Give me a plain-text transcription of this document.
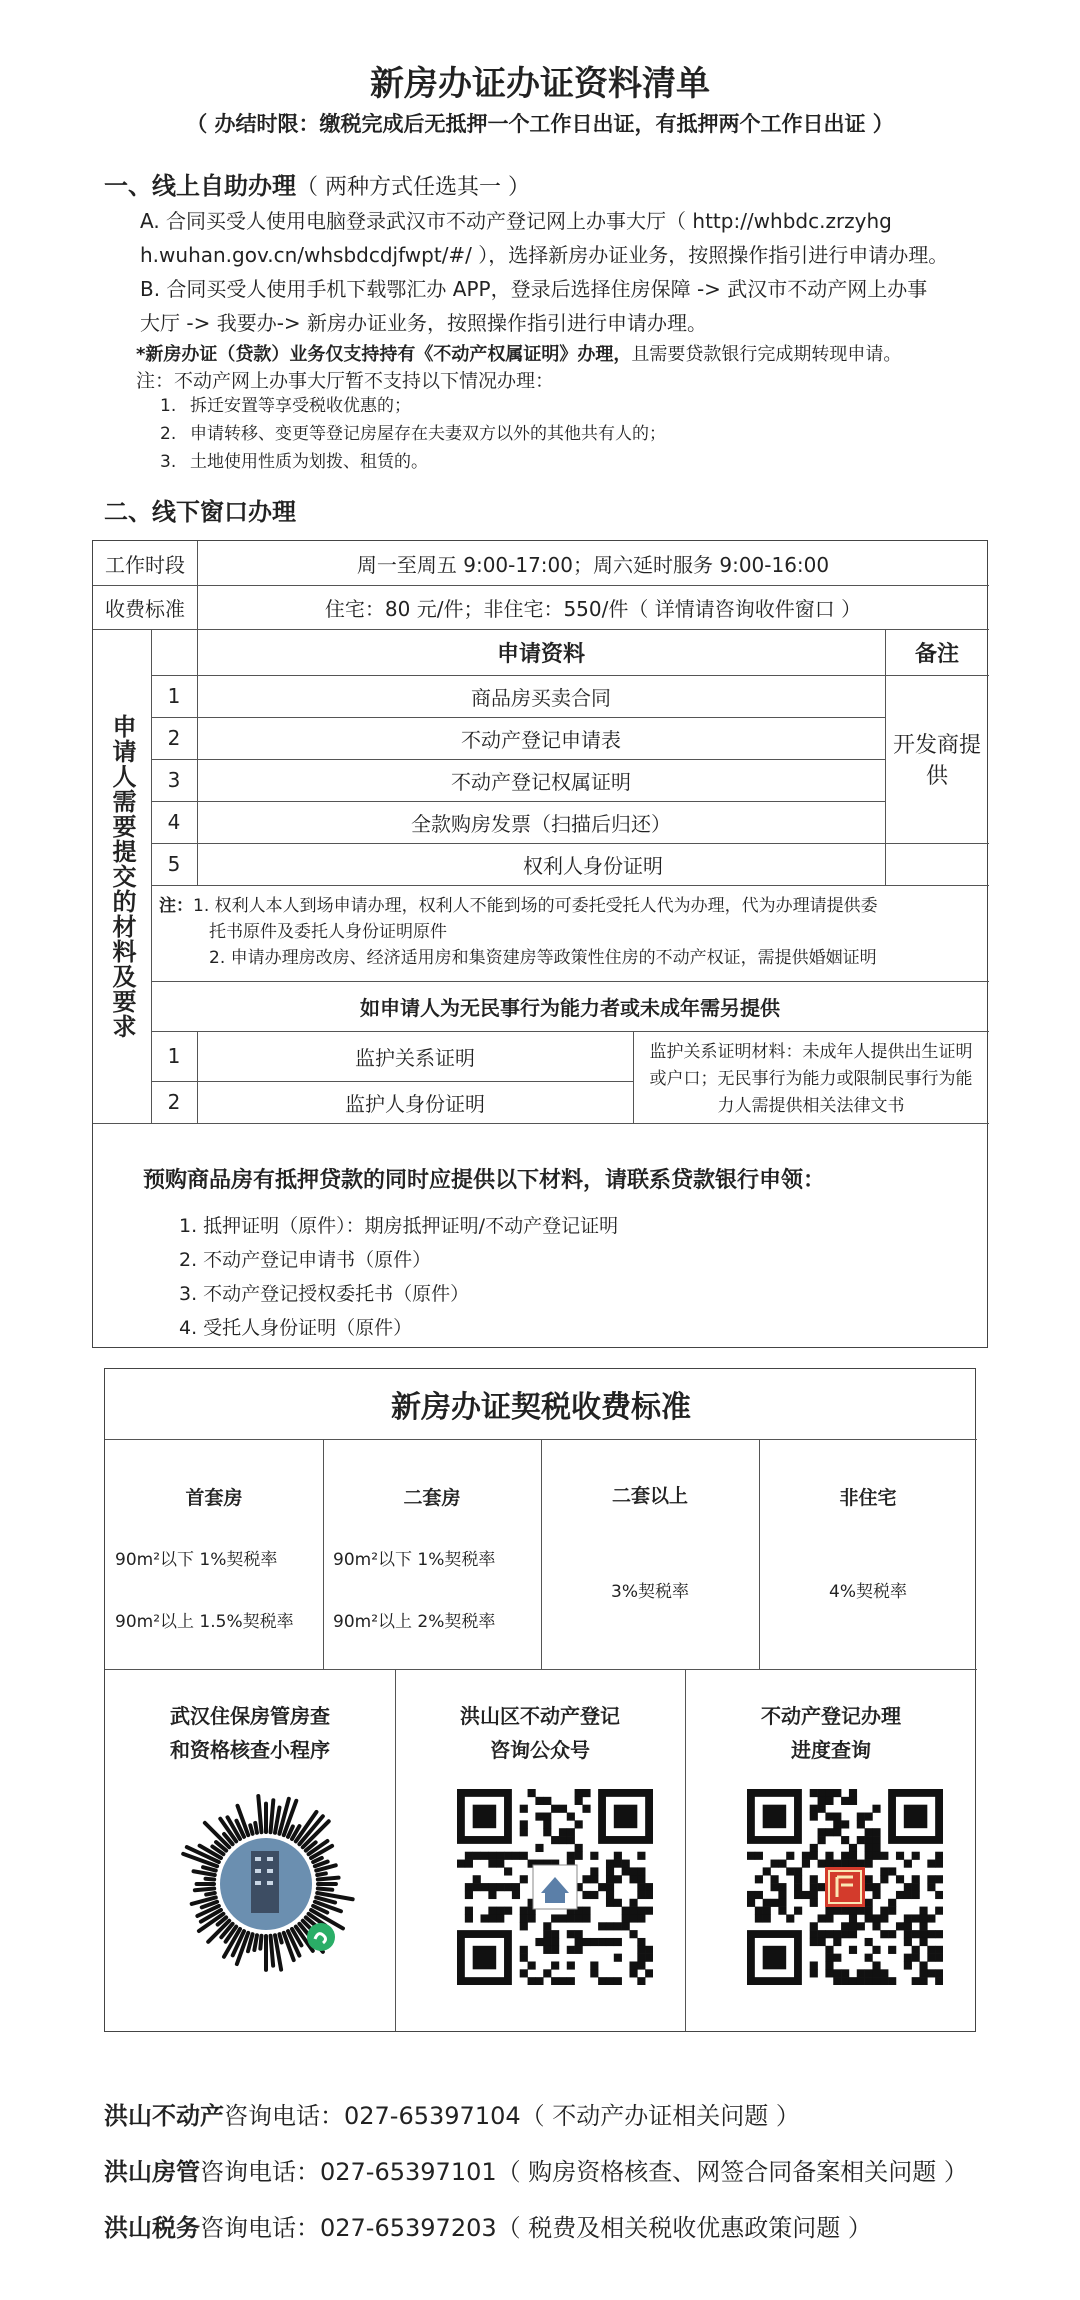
新房办证办证资料清单
（ 办结时限：缴税完成后无抵押一个工作日出证，有抵押两个工作日出证 ）
一、线上自助办理（ 两种方式任选其一 ）
A. 合同买受人使用电脑登录武汉市不动产登记网上办事大厅（ http://whbdc.zrzyhg
h.wuhan.gov.cn/whsbdcdjfwpt/#/ ），选择新房办证业务，按照操作指引进行申请办理。
B. 合同买受人使用手机下载鄂汇办 APP，登录后选择住房保障 -> 武汉市不动产网上办事
大厅 -> 我要办-> 新房办证业务，按照操作指引进行申请办理。
*新房办证（贷款）业务仅支持持有《不动产权属证明》办理，且需要贷款银行完成期转现申请。
注：不动产网上办事大厅暂不支持以下情况办理：
1. 拆迁安置等享受税收优惠的；
2. 申请转移、变更等登记房屋存在夫妻双方以外的其他共有人的；
3. 土地使用性质为划拨、租赁的。
二、线下窗口办理
工作时段	周一至周五 9:00-17:00；周六延时服务 9:00-16:00
收费标准	住宅：80 元/件；非住宅：550/件（ 详情请咨询收件窗口 ）
申请人需要提交的材料及要求
申请资料	备注
1	商品房买卖合同
2	不动产登记申请表
3	不动产登记权属证明
4	全款购房发票（扫描后归还）
5	权利人身份证明
开发商提供
注：1. 权利人本人到场申请办理，权利人不能到场的可委托受托人代为办理，代为办理请提供委
托书原件及委托人身份证明原件
2. 申请办理房改房、经济适用房和集资建房等政策性住房的不动产权证，需提供婚姻证明
如申请人为无民事行为能力者或未成年需另提供
1	监护关系证明
2	监护人身份证明
监护关系证明材料：未成年人提供出生证明或户口；无民事行为能力或限制民事行为能力人需提供相关法律文书
预购商品房有抵押贷款的同时应提供以下材料，请联系贷款银行申领：
1. 抵押证明（原件）：期房抵押证明/不动产登记证明
2. 不动产登记申请书（原件）
3. 不动产登记授权委托书（原件）
4. 受托人身份证明（原件）
新房办证契税收费标准
首套房
90m²以下 1%契税率
90m²以上 1.5%契税率
二套房
90m²以下 1%契税率
90m²以上 2%契税率
二套以上
3%契税率
非住宅
4%契税率
武汉住保房管房查
和资格核查小程序
洪山区不动产登记
咨询公众号
不动产登记办理
进度查询
洪山不动产咨询电话：027-65397104（ 不动产办证相关问题 ）
洪山房管咨询电话：027-65397101（ 购房资格核查、网签合同备案相关问题 ）
洪山税务咨询电话：027-65397203（ 税费及相关税收优惠政策问题 ）
